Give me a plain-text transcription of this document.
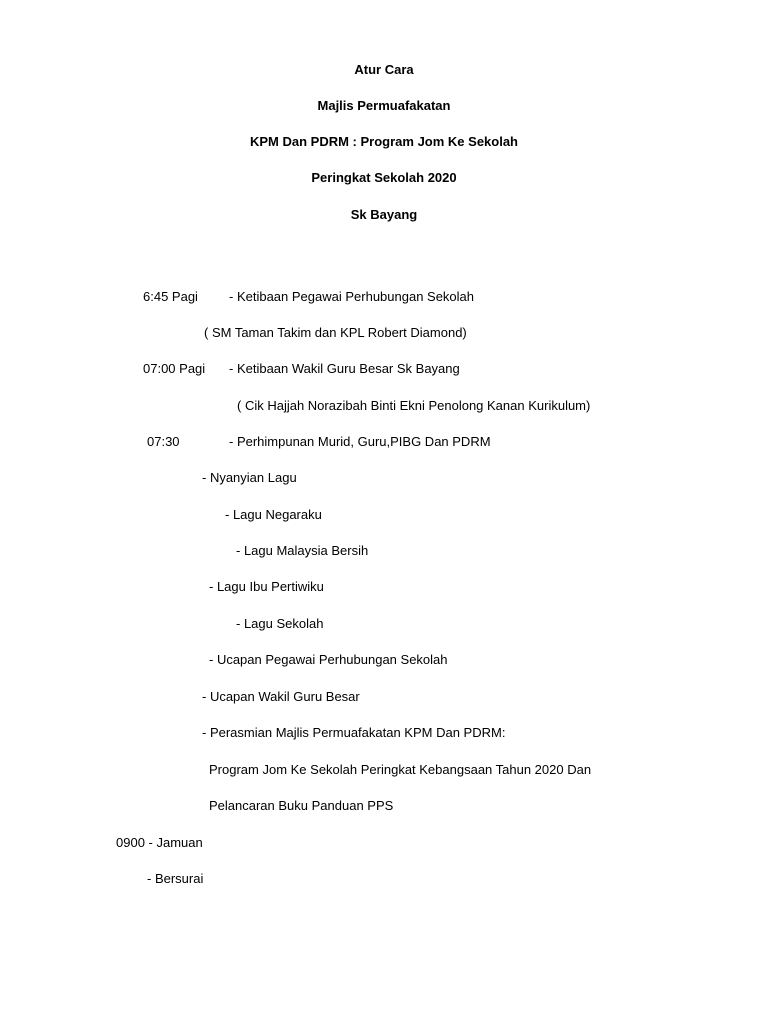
Atur Cara
Majlis Permuafakatan
KPM Dan PDRM : Program Jom Ke Sekolah
Peringkat Sekolah 2020
Sk Bayang
6:45 Pagi - Ketibaan Pegawai Perhubungan Sekolah
( SM Taman Takim dan KPL Robert Diamond)
07:00 Pagi - Ketibaan Wakil Guru Besar Sk Bayang
( Cik Hajjah Norazibah Binti Ekni Penolong Kanan Kurikulum)
07:30	- Perhimpunan Murid, Guru,PIBG Dan PDRM
- Nyanyian Lagu
- Lagu Negaraku
- Lagu Malaysia Bersih
- Lagu Ibu Pertiwiku
- Lagu Sekolah
- Ucapan Pegawai Perhubungan Sekolah
- Ucapan Wakil Guru Besar
- Perasmian Majlis Permuafakatan KPM Dan PDRM:
Program Jom Ke Sekolah Peringkat Kebangsaan Tahun 2020 Dan
Pelancaran Buku Panduan PPS
0900 - Jamuan
- Bersurai
